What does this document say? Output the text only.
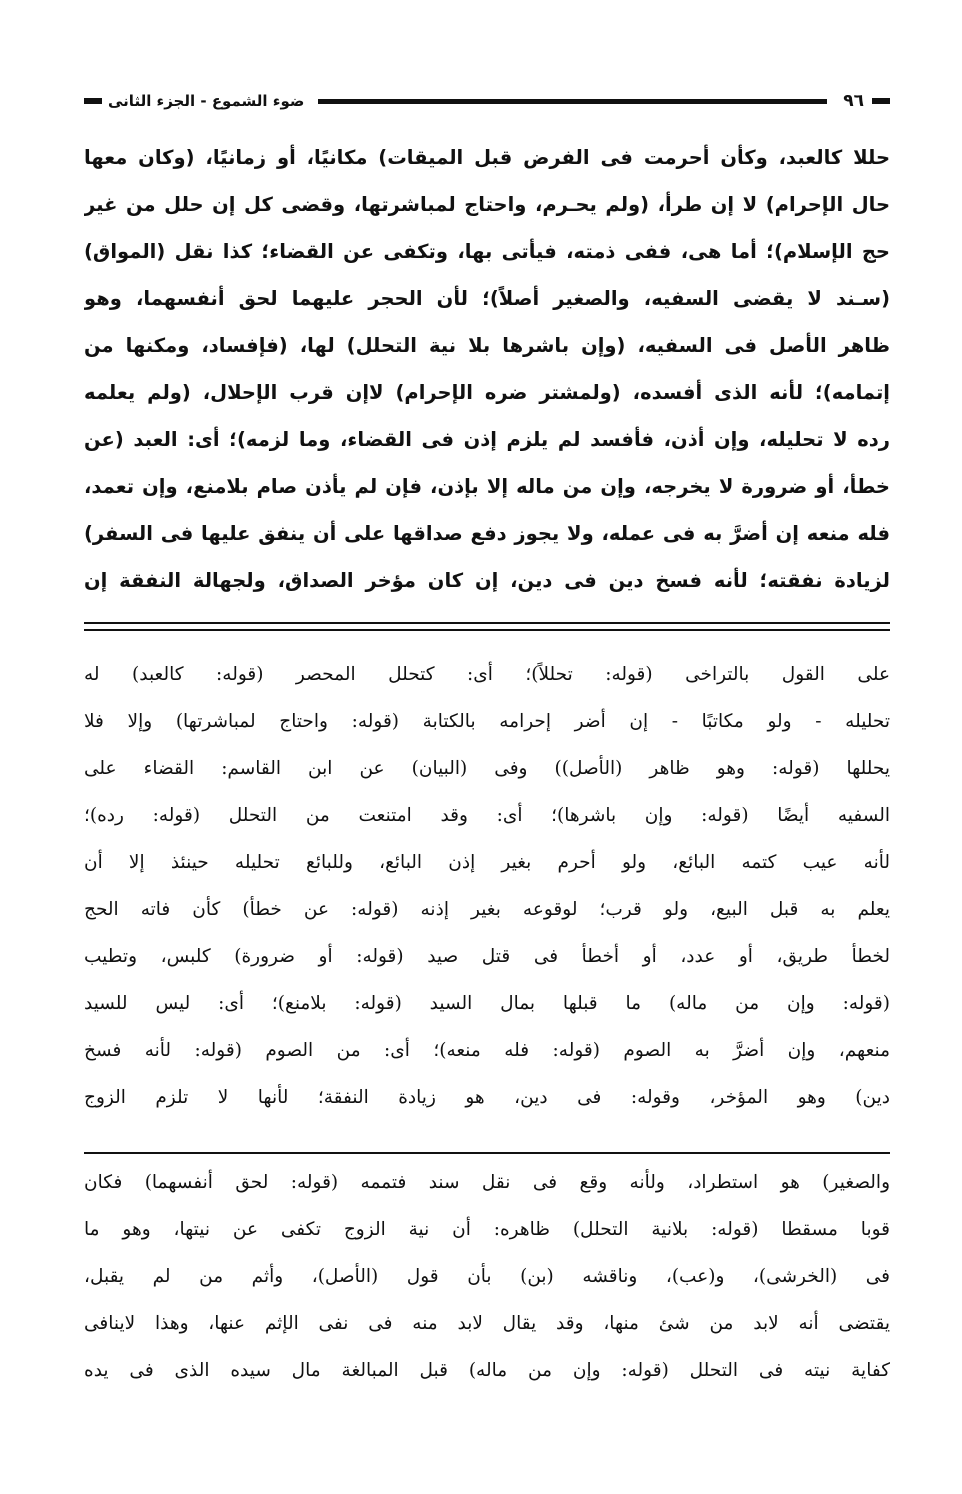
٩٦
ضوء الشموع - الجزء الثانى
حللا كالعبد، وكأن أحرمت فى الفرض قبل الميقات) مكانيًا، أو زمانيًا، (وكان معها
حال الإحرام) لا إن طرأ، (ولم يحـرم، واحتاج لمباشرتها، وقضى كل إن حلل من غير
حج الإسلام)؛ أما هى، ففى ذمته، فيأتى بها، وتكفى عن القضاء؛ كذا نقل (المواق)
(سـند لا يقضى السفيه، والصغير أصلاً)؛ لأن الحجر عليهما لحق أنفسهما، وهو
ظاهر الأصل فى السفيه، (وإن باشرها بلا نية التحلل) لها، (فإفساد، ومكنها من
إتمامه)؛ لأنه الذى أفسده، (ولمشتر ضره الإحرام) لاإن قرب الإحلال، (ولم يعلمه
رده لا تحليله، وإن أذن، فأفسد لم يلزم إذن فى القضاء، وما لزمه)؛ أى: العبد (عن
خطأ، أو ضرورة لا يخرجه، وإن من ماله إلا بإذن، فإن لم يأذن صام بلامنع، وإن تعمد،
فله منعه إن أضرَّ به فى عمله، ولا يجوز دفع صداقها على أن ينفق عليها فى السفر)
لزيادة نفقته؛ لأنه فسخ دين فى دين، إن كان مؤخر الصداق، ولجهالة النفقة إن
على القول بالتراخى (قوله: تحللاً)؛ أى: كتحلل المحصر (قوله: كالعبد) له
تحليله - ولو مكاتبًا - إن أضر إحرامه بالكتابة (قوله: واحتاج لمباشرتها) وإلا فلا
يحللها (قوله: وهو ظاهر (الأصل)) وفى (البيان) عن ابن القاسم: القضاء على
السفيه أيضًا (قوله: وإن باشرها)؛ أى: وقد امتنعت من التحلل (قوله: رده)؛
لأنه عيب كتمه البائع، ولو أحرم بغير إذن البائع، وللبائع تحليله حينئذ إلا أن
يعلم به قبل البيع، ولو قرب؛ لوقوعه بغير إذنه (قوله: عن خطأ) كأن فاته الحج
لخطأ طريق، أو عدد، أو أخطأ فى قتل صيد (قوله: أو ضرورة) كلبس، وتطيب
(قوله: وإن من ماله) ما قبلها بمال السيد (قوله: بلامنع)؛ أى: ليس للسيد
منعهم، وإن أضرَّ به الصوم (قوله: فله منعه)؛ أى: من الصوم (قوله: لأنه فسخ
دين) وهو المؤخر، وقوله: فى دين، هو زيادة النفقة؛ لأنها لا تلزم الزوج
والصغير) هو استطراد، ولأنه وقع فى نقل سند فتممه (قوله: لحق أنفسهما) فكان
قوبا مسقطا (قوله: بلانية التحلل) ظاهره: أن نية الزوج تكفى عن نيتها، وهو ما
فى (الخرشى)، و(عب)، وناقشه (بن) بأن قول (الأصل)، وأثم من لم يقبل،
يقتضى أنه لابد من شئ منها، وقد يقال لابد منه فى نفى الإثم عنها، وهذا لاينافى
كفاية نيته فى التحلل (قوله: وإن من ماله) قبل المبالغة مال سيده الذى فى يده
